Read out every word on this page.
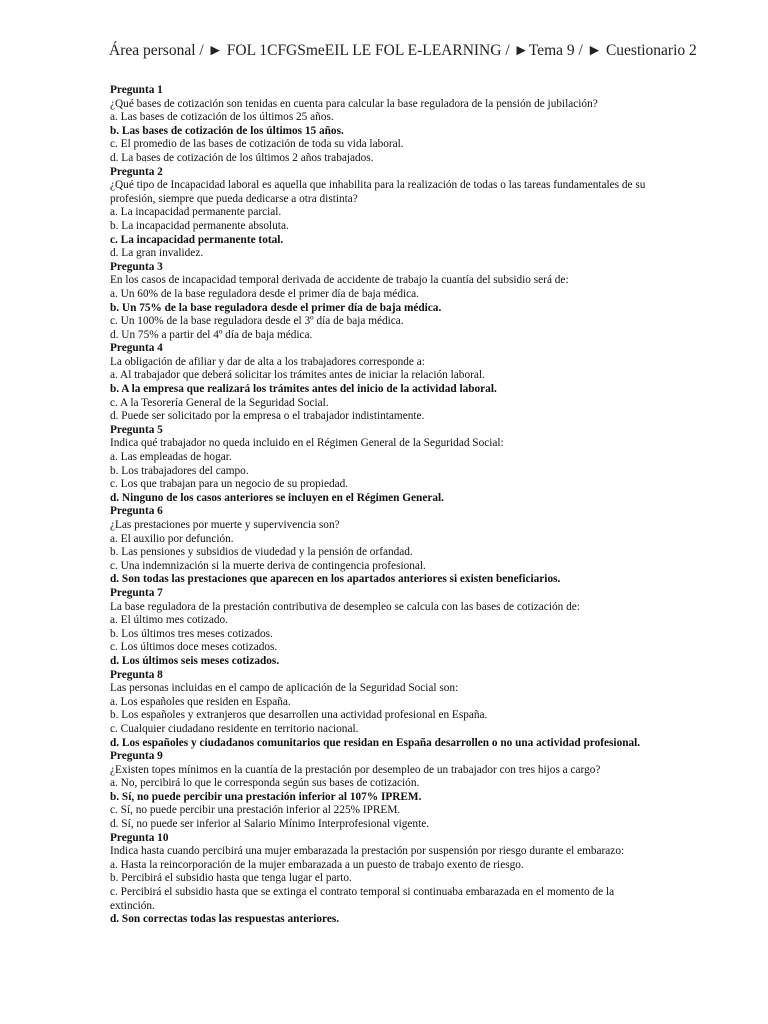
Área personal / ► FOL 1CFGSmeEIL LE FOL E-LEARNING / ►Tema 9 / ► Cuestionario 2
Pregunta 1
¿Qué bases de cotización son tenidas en cuenta para calcular la base reguladora de la pensión de jubilación?
a. Las bases de cotización de los últimos 25 años.
b. Las bases de cotización de los últimos 15 años.
c. El promedio de las bases de cotización de toda su vida laboral.
d. La bases de cotización de los últimos 2 años trabajados.
Pregunta 2
¿Qué tipo de Incapacidad laboral es aquella que inhabilita para la realización de todas o las tareas fundamentales de su profesión, siempre que pueda dedicarse a otra distinta?
a. La incapacidad permanente parcial.
b. La incapacidad permanente absoluta.
c. La incapacidad permanente total.
d. La gran invalidez.
Pregunta 3
En los casos de incapacidad temporal derivada de accidente de trabajo la cuantía del subsidio será de:
a. Un 60% de la base reguladora desde el primer día de baja médica.
b. Un 75% de la base reguladora desde el primer día de baja médica.
c. Un 100% de la base reguladora desde el 3º día de baja médica.
d. Un 75% a partir del 4º día de baja médica.
Pregunta 4
La obligación de afiliar y dar de alta a los trabajadores corresponde a:
a. Al trabajador que deberá solicitar los trámites antes de iniciar la relación laboral.
b. A la empresa que realizará los trámites antes del inicio de la actividad laboral.
c. A la Tesorería General de la Seguridad Social.
d. Puede ser solicitado por la empresa o el trabajador indistintamente.
Pregunta 5
Indica qué trabajador no queda incluido en el Régimen General de la Seguridad Social:
a. Las empleadas de hogar.
b. Los trabajadores del campo.
c. Los que trabajan para un negocio de su propiedad.
d. Ninguno de los casos anteriores se incluyen en el Régimen General.
Pregunta 6
¿Las prestaciones por muerte y supervivencia son?
a. El auxilio por defunción.
b. Las pensiones y subsidios de viudedad y la pensión de orfandad.
c. Una indemnización si la muerte deriva de contingencia profesional.
d. Son todas las prestaciones que aparecen en los apartados anteriores si existen beneficiarios.
Pregunta 7
La base reguladora de la prestación contributiva de desempleo se calcula con las bases de cotización de:
a. El último mes cotizado.
b. Los últimos tres meses cotizados.
c. Los últimos doce meses cotizados.
d. Los últimos seis meses cotizados.
Pregunta 8
Las personas incluidas en el campo de aplicación de la Seguridad Social son:
a. Los españoles que residen en España.
b. Los españoles y extranjeros que desarrollen una actividad profesional en España.
c. Cualquier ciudadano residente en territorio nacional.
d. Los españoles y ciudadanos comunitarios que residan en España desarrollen o no una actividad profesional.
Pregunta 9
¿Existen topes mínimos en la cuantía de la prestación por desempleo de un trabajador con tres hijos a cargo?
a. No, percibirá lo que le corresponda según sus bases de cotización.
b. Sí, no puede percibir una prestación inferior al 107% IPREM.
c. Sí, no puede percibir una prestación inferior al 225% IPREM.
d. Sí, no puede ser inferior al Salario Mínimo Interprofesional vigente.
Pregunta 10
Indica hasta cuando percibirá una mujer embarazada la prestación por suspensión por riesgo durante el embarazo:
a. Hasta la reincorporación de la mujer embarazada a un puesto de trabajo exento de riesgo.
b. Percibirá el subsidio hasta que tenga lugar el parto.
c. Percibirá el subsidio hasta que se extinga el contrato temporal si continuaba embarazada en el momento de la extinción.
d. Son correctas todas las respuestas anteriores.
